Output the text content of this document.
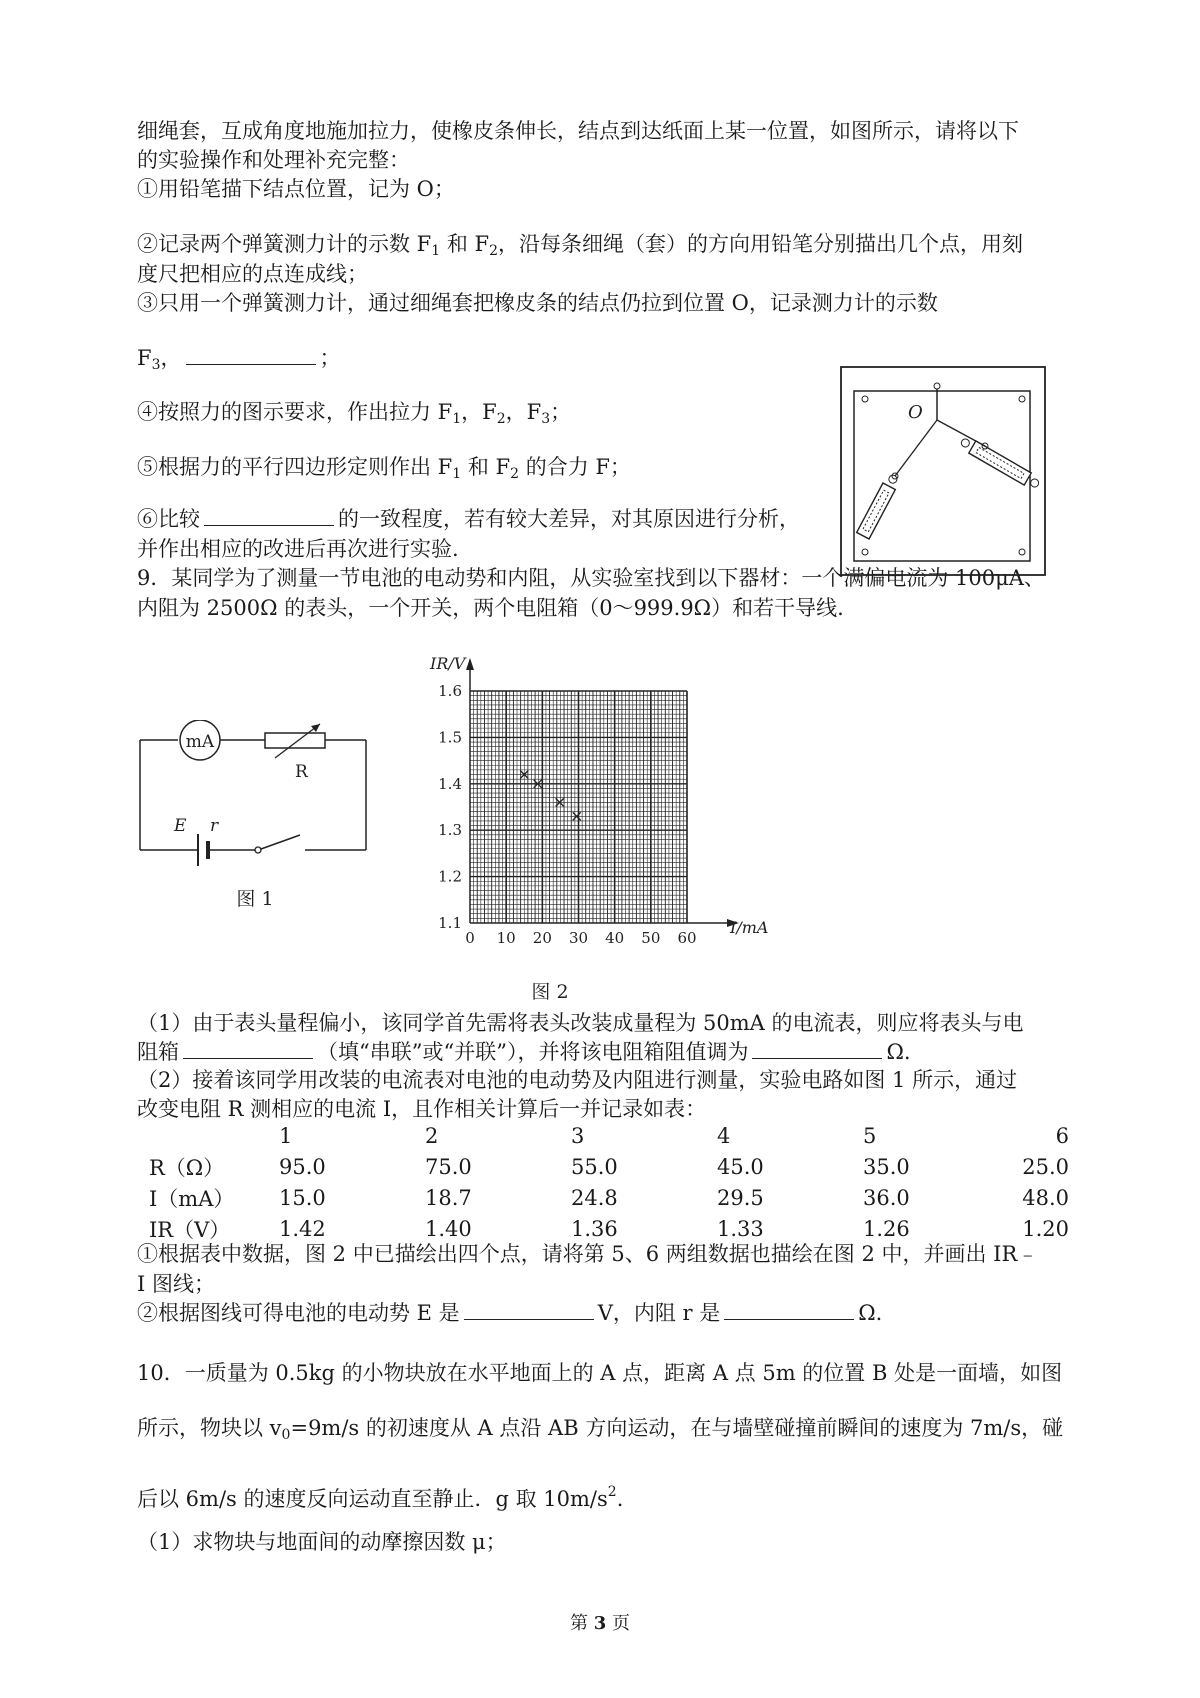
细绳套，互成角度地施加拉力，使橡皮条伸长，结点到达纸面上某一位置，如图所示，请将以下
的实验操作和处理补充完整：
①用铅笔描下结点位置，记为 O；
②记录两个弹簧测力计的示数 $F_1$ 和 $F_2$，沿每条细绳（套）的方向用铅笔分别描出几个点，用刻
度尺把相应的点连成线；
③只用一个弹簧测力计，通过细绳套把橡皮条的结点仍拉到位置 O，记录测力计的示数
$F_3$，	；
④按照力的图示要求，作出拉力 $F_1$，$F_2$，$F_3$；
⑤根据力的平行四边形定则作出 $F_1$ 和 $F_2$ 的合力 F；
⑥比较	的一致程度，若有较大差异，对其原因进行分析，
并作出相应的改进后再次进行实验.
9．某同学为了测量一节电池的电动势和内阻，从实验室找到以下器材：一个满偏电流为 100μA、
内阻为 2500Ω 的表头，一个开关，两个电阻箱（0～999.9Ω）和若干导线.
O
mA
R
E r
图 1
0 10 20 30 40 50 60
1.1
1.2
1.3
1.4
1.5
1.6
IR/V
I/mA
图 2
（1）由于表头量程偏小，该同学首先需将表头改装成量程为 50mA 的电流表，则应将表头与电
阻箱	（填“串联”或“并联”），并将该电阻箱阻值调为	Ω.
（2）接着该同学用改装的电流表对电池的电动势及内阻进行测量，实验电路如图 1 所示，通过
改变电阻 R 测相应的电流 I，且作相关计算后一并记录如表：
	1	2	3	4	5	6
R（Ω）	95.0	75.0	55.0	45.0	35.0	25.0
I（mA）	15.0	18.7	24.8	29.5	36.0	48.0
IR（V）	1.42	1.40	1.36	1.33	1.26	1.20
①根据表中数据，图 2 中已描绘出四个点，请将第 5、6 两组数据也描绘在图 2 中，并画出 IR﹣
I 图线；
②根据图线可得电池的电动势 E 是	V，内阻 r 是	Ω.
10．一质量为 0.5kg 的小物块放在水平地面上的 A 点，距离 A 点 5m 的位置 B 处是一面墙，如图
所示，物块以 $v_0=9m/s$ 的初速度从 A 点沿 AB 方向运动，在与墙壁碰撞前瞬间的速度为 7m/s，碰
后以 6m/s 的速度反向运动直至静止．g 取 $10m/s^2$.
（1）求物块与地面间的动摩擦因数 μ；
第 3 页
